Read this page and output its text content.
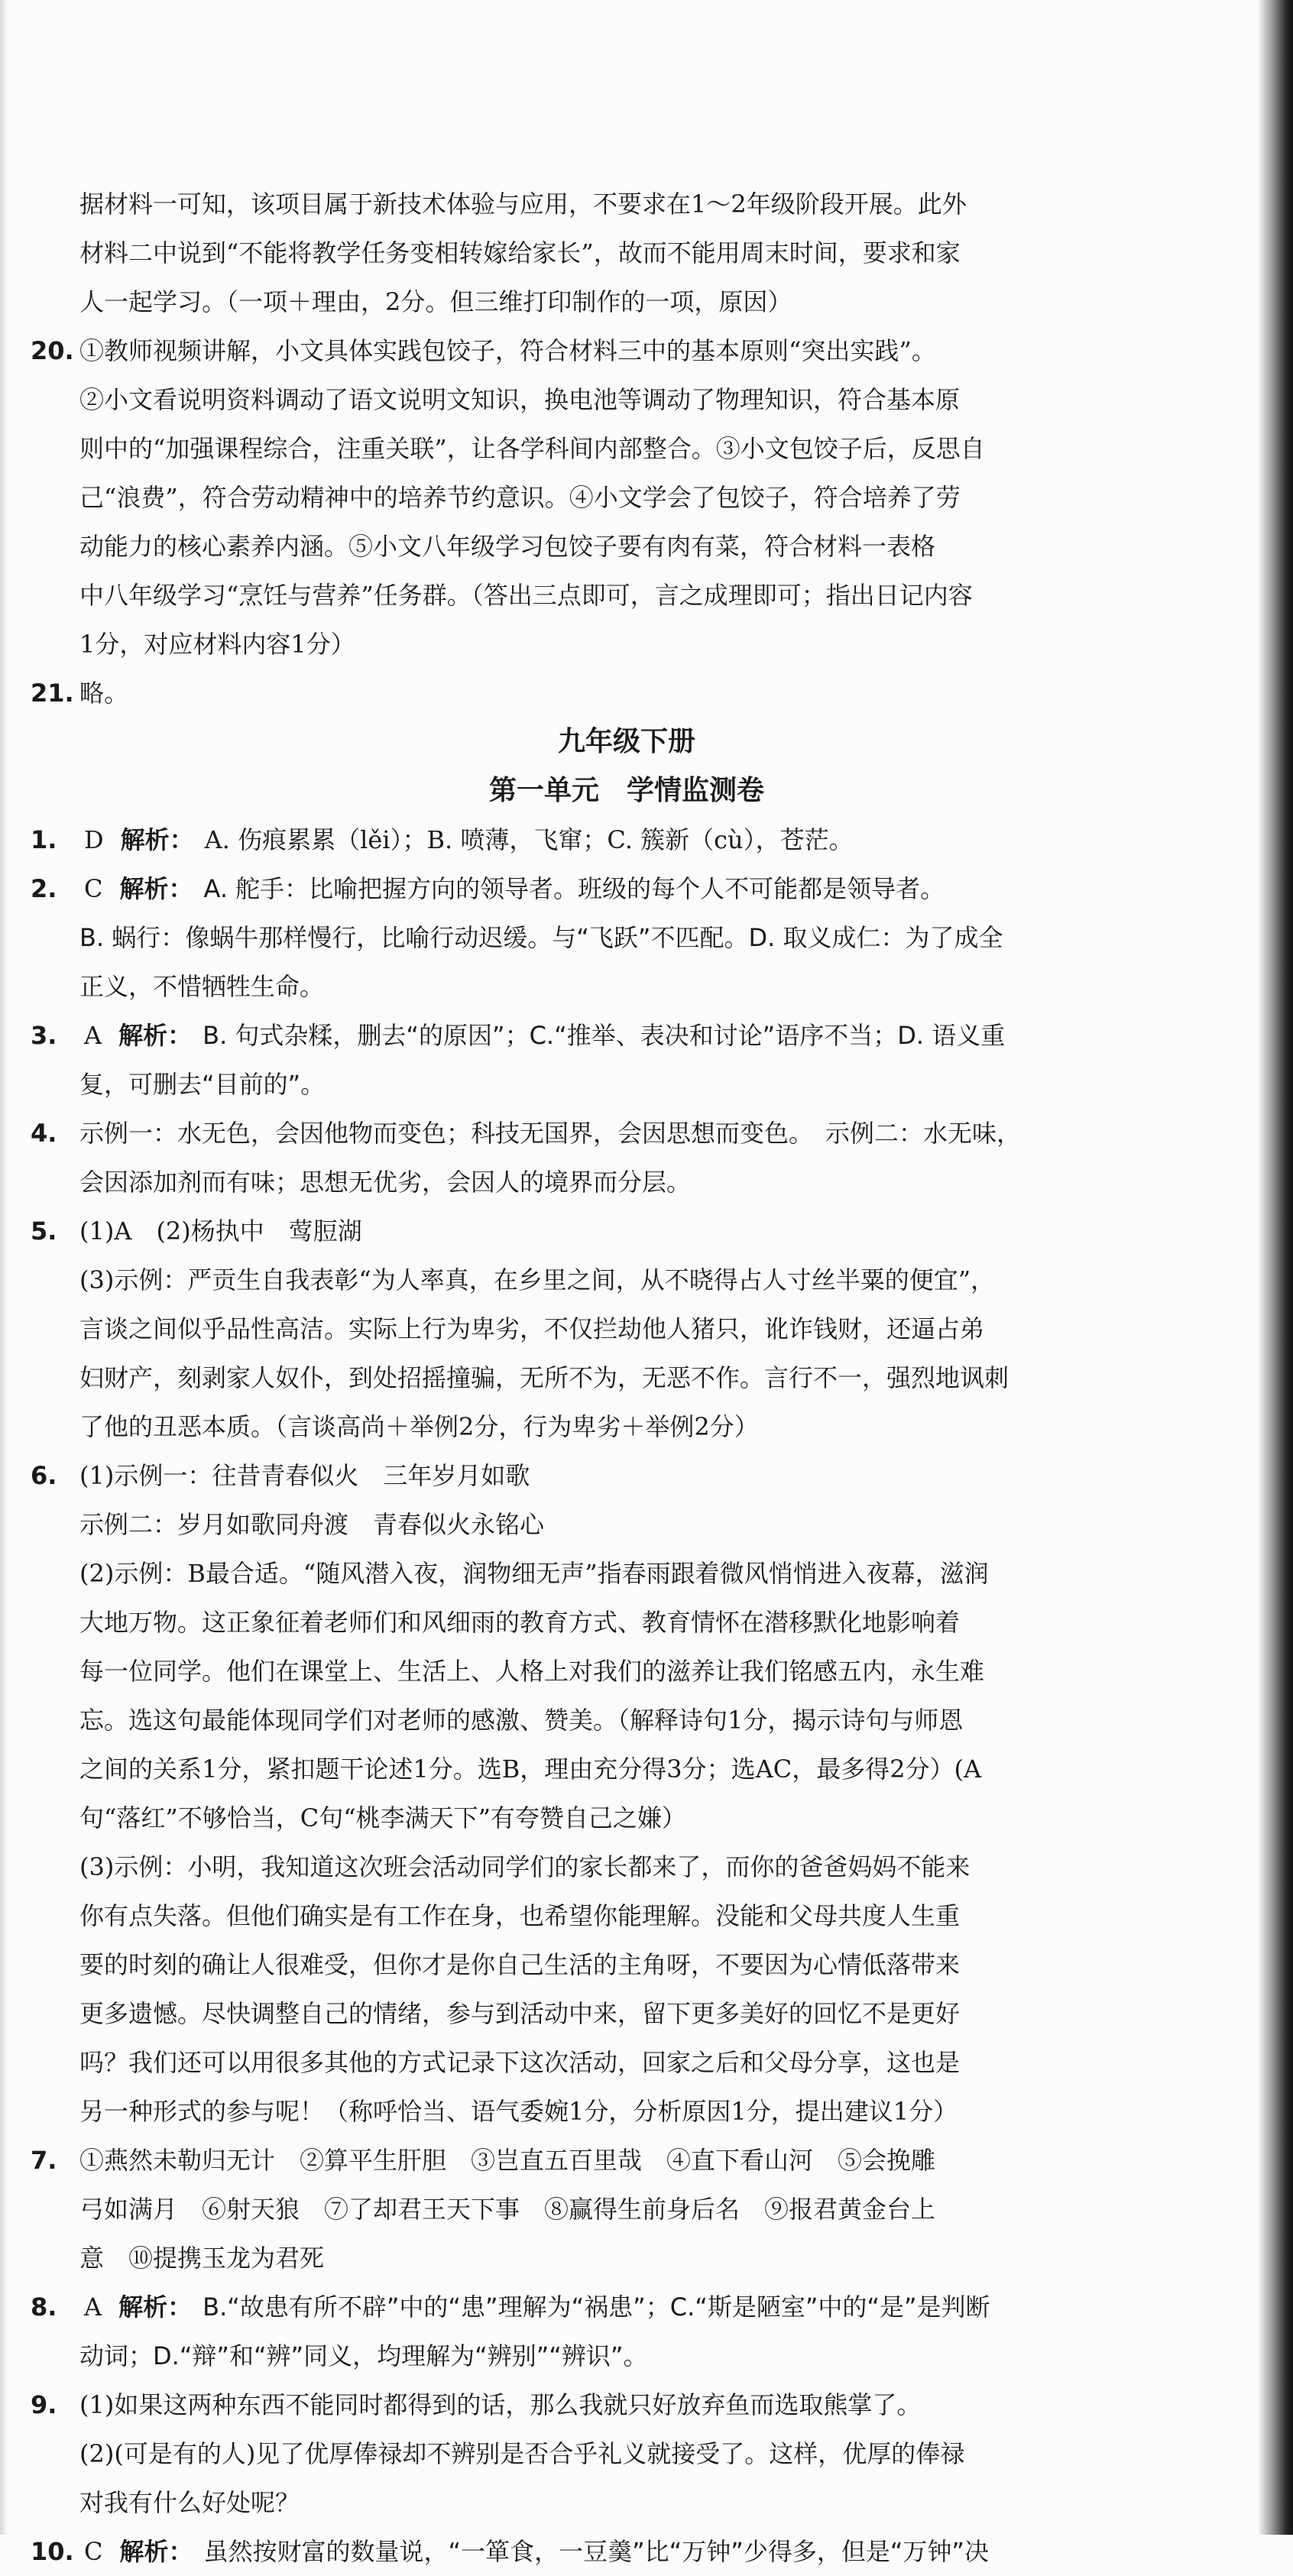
据材料一可知，该项目属于新技术体验与应用，不要求在1～2年级阶段开展。此外

材料二中说到“不能将教学任务变相转嫁给家长”，故而不能用周末时间，要求和家

人一起学习。（一项＋理由，2分。但三维打印制作的一项，原因）

20. ①教师视频讲解，小文具体实践包饺子，符合材料三中的基本原则“突出实践”。

②小文看说明资料调动了语文说明文知识，换电池等调动了物理知识，符合基本原

则中的“加强课程综合，注重关联”，让各学科间内部整合。③小文包饺子后，反思自

己“浪费”，符合劳动精神中的培养节约意识。④小文学会了包饺子，符合培养了劳

动能力的核心素养内涵。⑤小文八年级学习包饺子要有肉有菜，符合材料一表格

中八年级学习“烹饪与营养”任务群。（答出三点即可，言之成理即可；指出日记内容

1分，对应材料内容1分）

21. 略。

九年级下册

第一单元　学情监测卷

1. D 解析： A. 伤痕累累（lěi）；B. 喷薄，飞窜；C. 簇新（cù），苍茫。

2. C 解析： A. 舵手：比喻把握方向的领导者。班级的每个人不可能都是领导者。

B. 蜗行：像蜗牛那样慢行，比喻行动迟缓。与“飞跃”不匹配。D. 取义成仁：为了成全

正义，不惜牺牲生命。

3. A 解析： B. 句式杂糅，删去“的原因”；C.“推举、表决和讨论”语序不当；D. 语义重

复，可删去“目前的”。

4. 示例一：水无色，会因他物而变色；科技无国界，会因思想而变色。　示例二：水无味，

会因添加剂而有味；思想无优劣，会因人的境界而分层。

5. (1)A　(2)杨执中　莺脰湖

(3)示例：严贡生自我表彰“为人率真，在乡里之间，从不晓得占人寸丝半粟的便宜”，

言谈之间似乎品性高洁。实际上行为卑劣，不仅拦劫他人猪只，讹诈钱财，还逼占弟

妇财产，刻剥家人奴仆，到处招摇撞骗，无所不为，无恶不作。言行不一，强烈地讽刺

了他的丑恶本质。（言谈高尚＋举例2分，行为卑劣＋举例2分）

6. (1)示例一：往昔青春似火　三年岁月如歌

示例二：岁月如歌同舟渡　青春似火永铭心

(2)示例：B最合适。“随风潜入夜，润物细无声”指春雨跟着微风悄悄进入夜幕，滋润

大地万物。这正象征着老师们和风细雨的教育方式、教育情怀在潜移默化地影响着

每一位同学。他们在课堂上、生活上、人格上对我们的滋养让我们铭感五内，永生难

忘。选这句最能体现同学们对老师的感激、赞美。（解释诗句1分，揭示诗句与师恩

之间的关系1分，紧扣题干论述1分。选B，理由充分得3分；选AC，最多得2分）(A

句“落红”不够恰当，C句“桃李满天下”有夸赞自己之嫌）

(3)示例：小明，我知道这次班会活动同学们的家长都来了，而你的爸爸妈妈不能来

你有点失落。但他们确实是有工作在身，也希望你能理解。没能和父母共度人生重

要的时刻的确让人很难受，但你才是你自己生活的主角呀，不要因为心情低落带来

更多遗憾。尽快调整自己的情绪，参与到活动中来，留下更多美好的回忆不是更好

吗？我们还可以用很多其他的方式记录下这次活动，回家之后和父母分享，这也是

另一种形式的参与呢！（称呼恰当、语气委婉1分，分析原因1分，提出建议1分）

7. ①燕然未勒归无计　②算平生肝胆　③岂直五百里哉　④直下看山河　⑤会挽雕

弓如满月　⑥射天狼　⑦了却君王天下事　⑧赢得生前身后名　⑨报君黄金台上

意　⑩提携玉龙为君死

8. A 解析： B.“故患有所不辟”中的“患”理解为“祸患”；C.“斯是陋室”中的“是”是判断

动词；D.“辩”和“辨”同义，均理解为“辨别”“辨识”。

9. (1)如果这两种东西不能同时都得到的话，那么我就只好放弃鱼而选取熊掌了。

(2)(可是有的人)见了优厚俸禄却不辨别是否合乎礼义就接受了。这样，优厚的俸禄

对我有什么好处呢？

10. C 解析： 虽然按财富的数量说，“一箪食，一豆羹”比“万钟”少得多，但是“万钟”决
